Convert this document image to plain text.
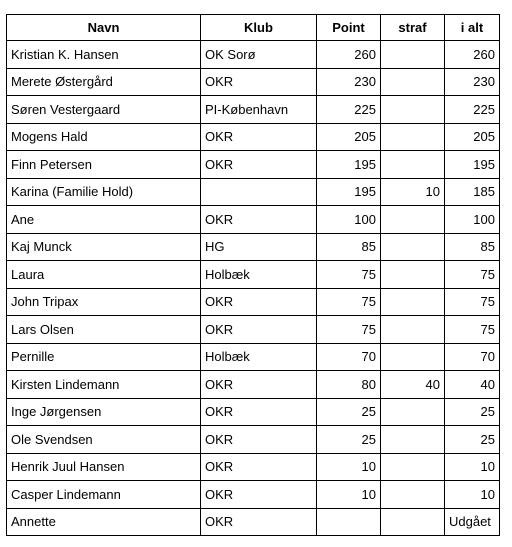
Navn	Klub	Point	straf	i alt
Kristian K. Hansen	OK Sorø	260		260
Merete Østergård	OKR	230		230
Søren Vestergaard	PI-København	225		225
Mogens Hald	OKR	205		205
Finn Petersen	OKR	195		195
Karina (Familie Hold)		195	10	185
Ane	OKR	100		100
Kaj Munck	HG	85		85
Laura	Holbæk	75		75
John Tripax	OKR	75		75
Lars Olsen	OKR	75		75
Pernille	Holbæk	70		70
Kirsten Lindemann	OKR	80	40	40
Inge Jørgensen	OKR	25		25
Ole Svendsen	OKR	25		25
Henrik Juul Hansen	OKR	10		10
Casper Lindemann	OKR	10		10
Annette	OKR			Udgået
